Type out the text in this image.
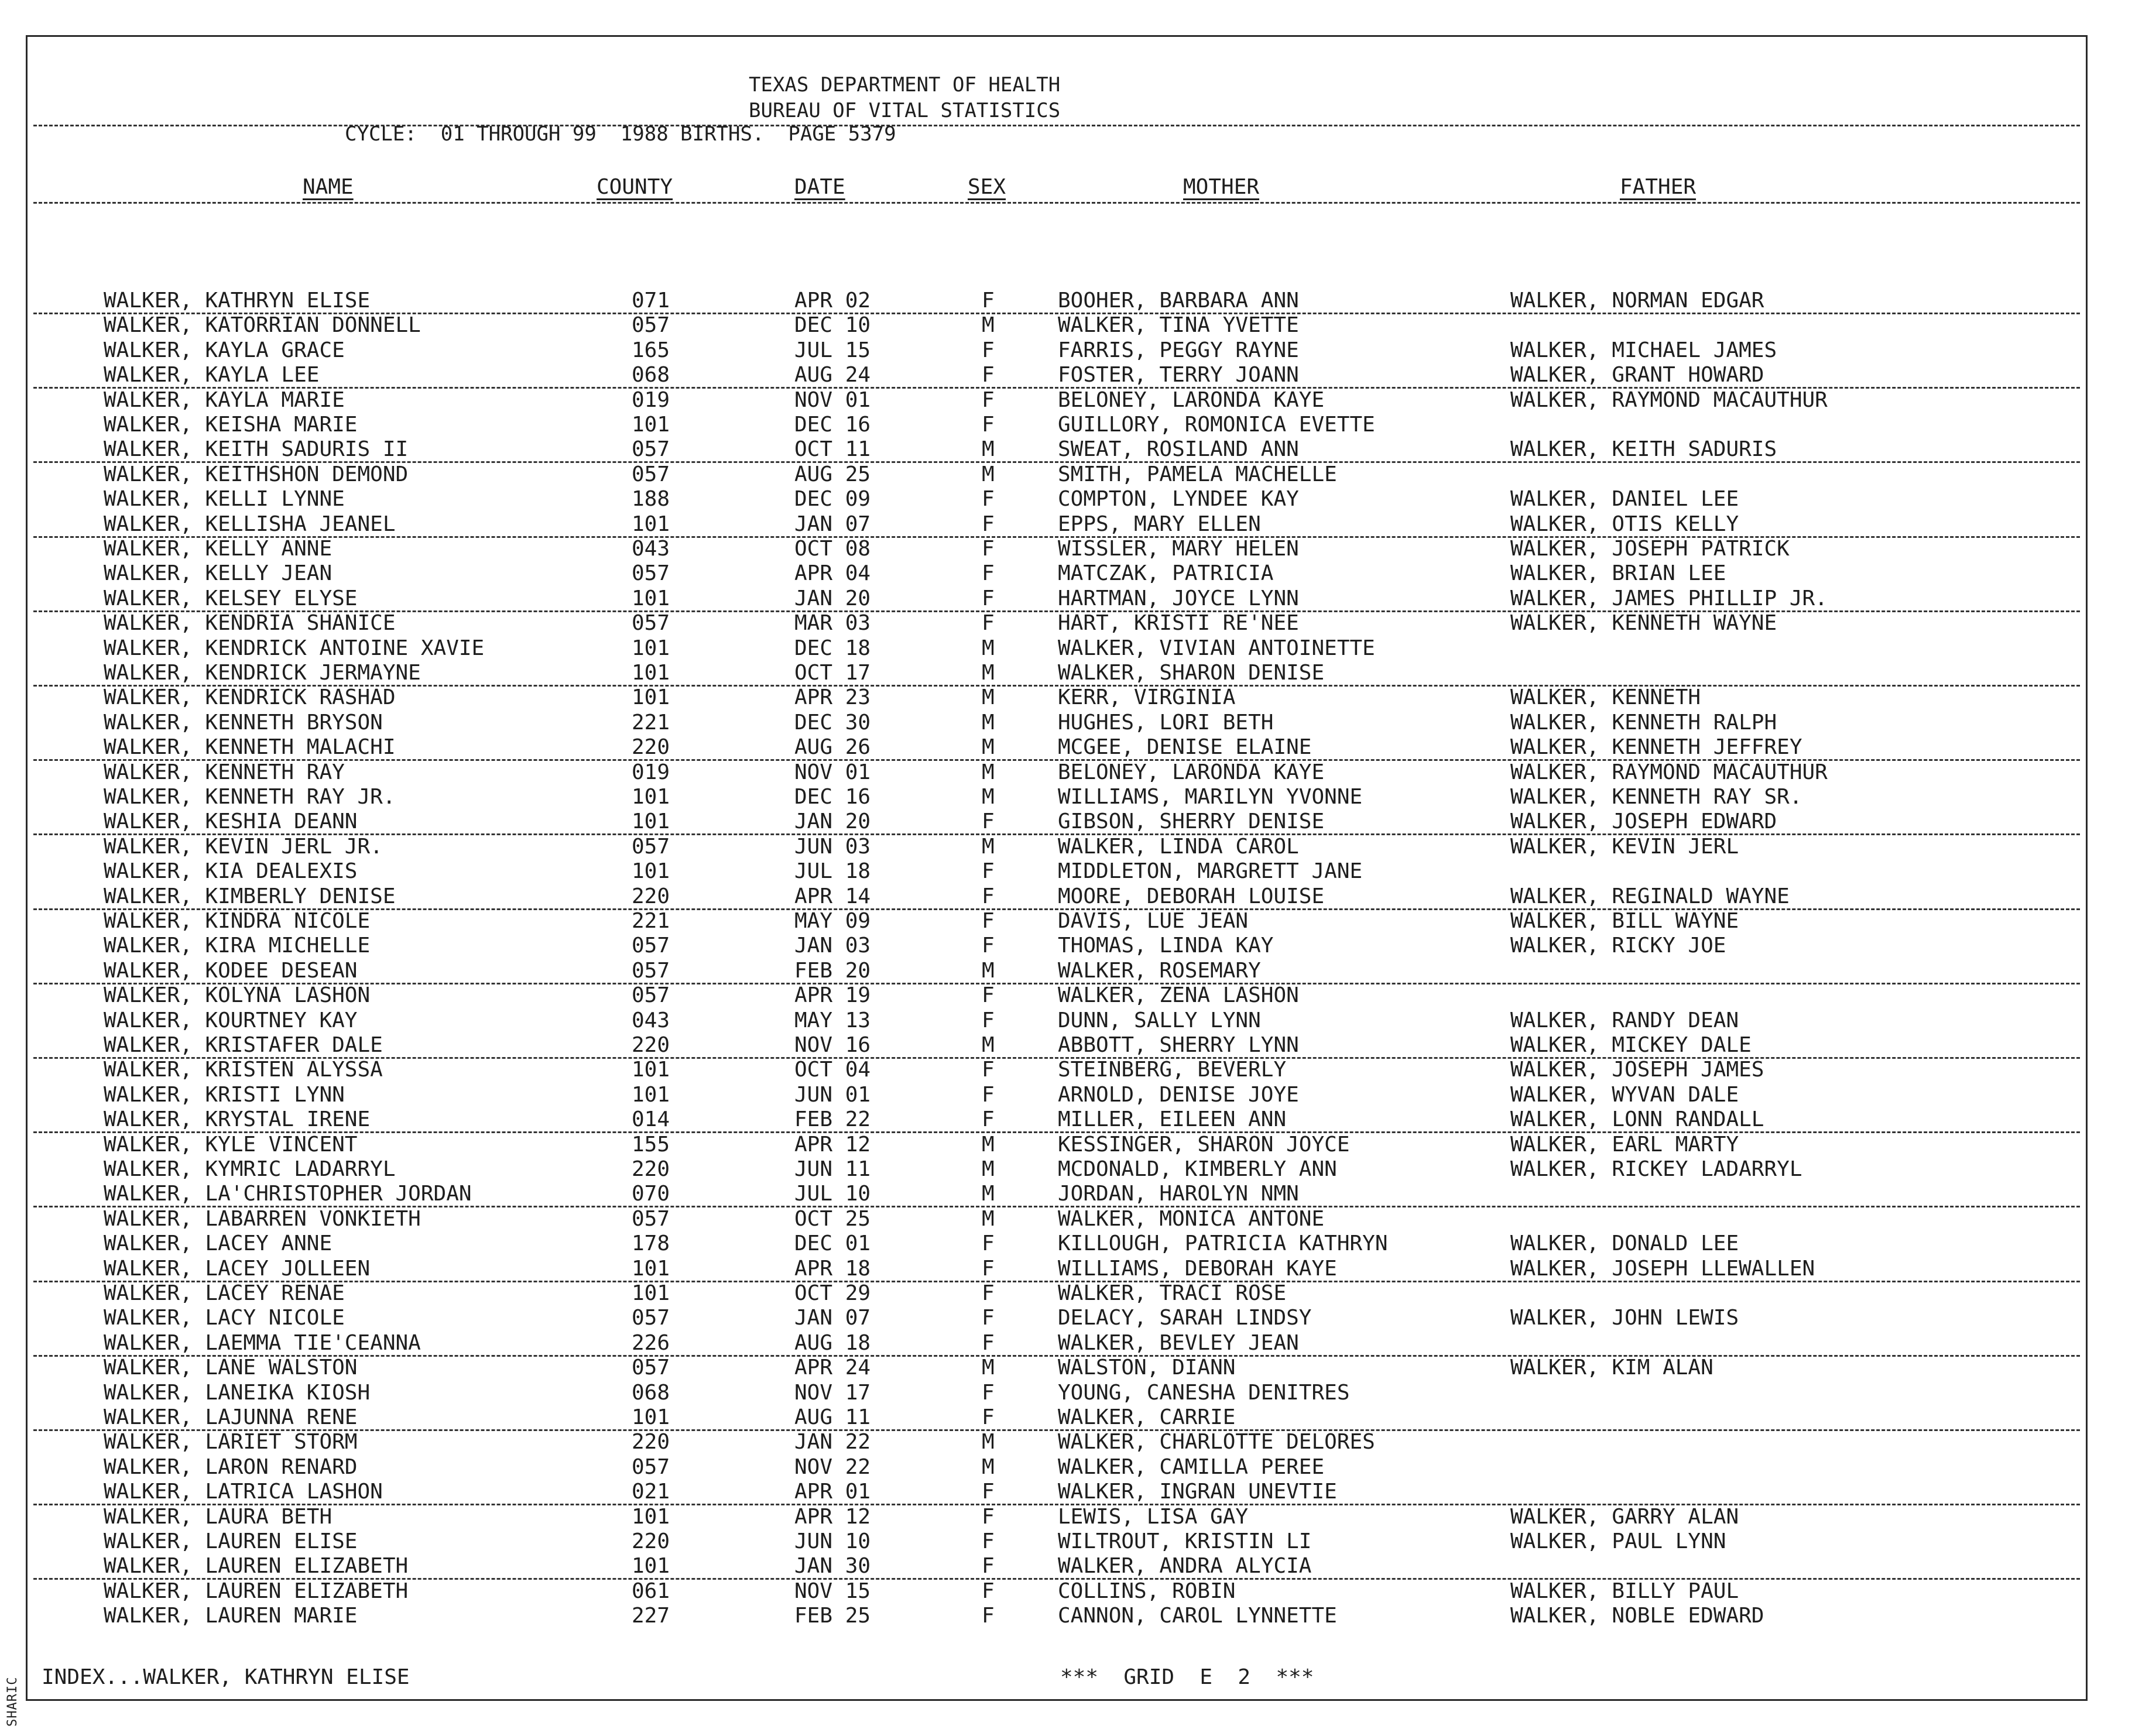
SHARIC
TEXAS DEPARTMENT OF HEALTH
BUREAU OF VITAL STATISTICS
CYCLE:  01 THROUGH 99  1988 BIRTHS.  PAGE 5379
NAME	COUNTY	DATE	SEX	MOTHER	FATHER
WALKER, KATHRYN ELISE	071	APR 02	F	BOOHER, BARBARA ANN	WALKER, NORMAN EDGAR
WALKER, KATORRIAN DONNELL	057	DEC 10	M	WALKER, TINA YVETTE
WALKER, KAYLA GRACE	165	JUL 15	F	FARRIS, PEGGY RAYNE	WALKER, MICHAEL JAMES
WALKER, KAYLA LEE	068	AUG 24	F	FOSTER, TERRY JOANN	WALKER, GRANT HOWARD
WALKER, KAYLA MARIE	019	NOV 01	F	BELONEY, LARONDA KAYE	WALKER, RAYMOND MACAUTHUR
WALKER, KEISHA MARIE	101	DEC 16	F	GUILLORY, ROMONICA EVETTE
WALKER, KEITH SADURIS II	057	OCT 11	M	SWEAT, ROSILAND ANN	WALKER, KEITH SADURIS
WALKER, KEITHSHON DEMOND	057	AUG 25	M	SMITH, PAMELA MACHELLE
WALKER, KELLI LYNNE	188	DEC 09	F	COMPTON, LYNDEE KAY	WALKER, DANIEL LEE
WALKER, KELLISHA JEANEL	101	JAN 07	F	EPPS, MARY ELLEN	WALKER, OTIS KELLY
WALKER, KELLY ANNE	043	OCT 08	F	WISSLER, MARY HELEN	WALKER, JOSEPH PATRICK
WALKER, KELLY JEAN	057	APR 04	F	MATCZAK, PATRICIA	WALKER, BRIAN LEE
WALKER, KELSEY ELYSE	101	JAN 20	F	HARTMAN, JOYCE LYNN	WALKER, JAMES PHILLIP JR.
WALKER, KENDRIA SHANICE	057	MAR 03	F	HART, KRISTI RE'NEE	WALKER, KENNETH WAYNE
WALKER, KENDRICK ANTOINE XAVIE	101	DEC 18	M	WALKER, VIVIAN ANTOINETTE
WALKER, KENDRICK JERMAYNE	101	OCT 17	M	WALKER, SHARON DENISE
WALKER, KENDRICK RASHAD	101	APR 23	M	KERR, VIRGINIA	WALKER, KENNETH
WALKER, KENNETH BRYSON	221	DEC 30	M	HUGHES, LORI BETH	WALKER, KENNETH RALPH
WALKER, KENNETH MALACHI	220	AUG 26	M	MCGEE, DENISE ELAINE	WALKER, KENNETH JEFFREY
WALKER, KENNETH RAY	019	NOV 01	M	BELONEY, LARONDA KAYE	WALKER, RAYMOND MACAUTHUR
WALKER, KENNETH RAY JR.	101	DEC 16	M	WILLIAMS, MARILYN YVONNE	WALKER, KENNETH RAY SR.
WALKER, KESHIA DEANN	101	JAN 20	F	GIBSON, SHERRY DENISE	WALKER, JOSEPH EDWARD
WALKER, KEVIN JERL JR.	057	JUN 03	M	WALKER, LINDA CAROL	WALKER, KEVIN JERL
WALKER, KIA DEALEXIS	101	JUL 18	F	MIDDLETON, MARGRETT JANE
WALKER, KIMBERLY DENISE	220	APR 14	F	MOORE, DEBORAH LOUISE	WALKER, REGINALD WAYNE
WALKER, KINDRA NICOLE	221	MAY 09	F	DAVIS, LUE JEAN	WALKER, BILL WAYNE
WALKER, KIRA MICHELLE	057	JAN 03	F	THOMAS, LINDA KAY	WALKER, RICKY JOE
WALKER, KODEE DESEAN	057	FEB 20	M	WALKER, ROSEMARY
WALKER, KOLYNA LASHON	057	APR 19	F	WALKER, ZENA LASHON
WALKER, KOURTNEY KAY	043	MAY 13	F	DUNN, SALLY LYNN	WALKER, RANDY DEAN
WALKER, KRISTAFER DALE	220	NOV 16	M	ABBOTT, SHERRY LYNN	WALKER, MICKEY DALE
WALKER, KRISTEN ALYSSA	101	OCT 04	F	STEINBERG, BEVERLY	WALKER, JOSEPH JAMES
WALKER, KRISTI LYNN	101	JUN 01	F	ARNOLD, DENISE JOYE	WALKER, WYVAN DALE
WALKER, KRYSTAL IRENE	014	FEB 22	F	MILLER, EILEEN ANN	WALKER, LONN RANDALL
WALKER, KYLE VINCENT	155	APR 12	M	KESSINGER, SHARON JOYCE	WALKER, EARL MARTY
WALKER, KYMRIC LADARRYL	220	JUN 11	M	MCDONALD, KIMBERLY ANN	WALKER, RICKEY LADARRYL
WALKER, LA'CHRISTOPHER JORDAN	070	JUL 10	M	JORDAN, HAROLYN NMN
WALKER, LABARREN VONKIETH	057	OCT 25	M	WALKER, MONICA ANTONE
WALKER, LACEY ANNE	178	DEC 01	F	KILLOUGH, PATRICIA KATHRYN	WALKER, DONALD LEE
WALKER, LACEY JOLLEEN	101	APR 18	F	WILLIAMS, DEBORAH KAYE	WALKER, JOSEPH LLEWALLEN
WALKER, LACEY RENAE	101	OCT 29	F	WALKER, TRACI ROSE
WALKER, LACY NICOLE	057	JAN 07	F	DELACY, SARAH LINDSY	WALKER, JOHN LEWIS
WALKER, LAEMMA TIE'CEANNA	226	AUG 18	F	WALKER, BEVLEY JEAN
WALKER, LANE WALSTON	057	APR 24	M	WALSTON, DIANN	WALKER, KIM ALAN
WALKER, LANEIKA KIOSH	068	NOV 17	F	YOUNG, CANESHA DENITRES
WALKER, LAJUNNA RENE	101	AUG 11	F	WALKER, CARRIE
WALKER, LARIET STORM	220	JAN 22	M	WALKER, CHARLOTTE DELORES
WALKER, LARON RENARD	057	NOV 22	M	WALKER, CAMILLA PEREE
WALKER, LATRICA LASHON	021	APR 01	F	WALKER, INGRAN UNEVTIE
WALKER, LAURA BETH	101	APR 12	F	LEWIS, LISA GAY	WALKER, GARRY ALAN
WALKER, LAUREN ELISE	220	JUN 10	F	WILTROUT, KRISTIN LI	WALKER, PAUL LYNN
WALKER, LAUREN ELIZABETH	101	JAN 30	F	WALKER, ANDRA ALYCIA
WALKER, LAUREN ELIZABETH	061	NOV 15	F	COLLINS, ROBIN	WALKER, BILLY PAUL
WALKER, LAUREN MARIE	227	FEB 25	F	CANNON, CAROL LYNNETTE	WALKER, NOBLE EDWARD
INDEX...WALKER, KATHRYN ELISE	***  GRID  E  2  ***
